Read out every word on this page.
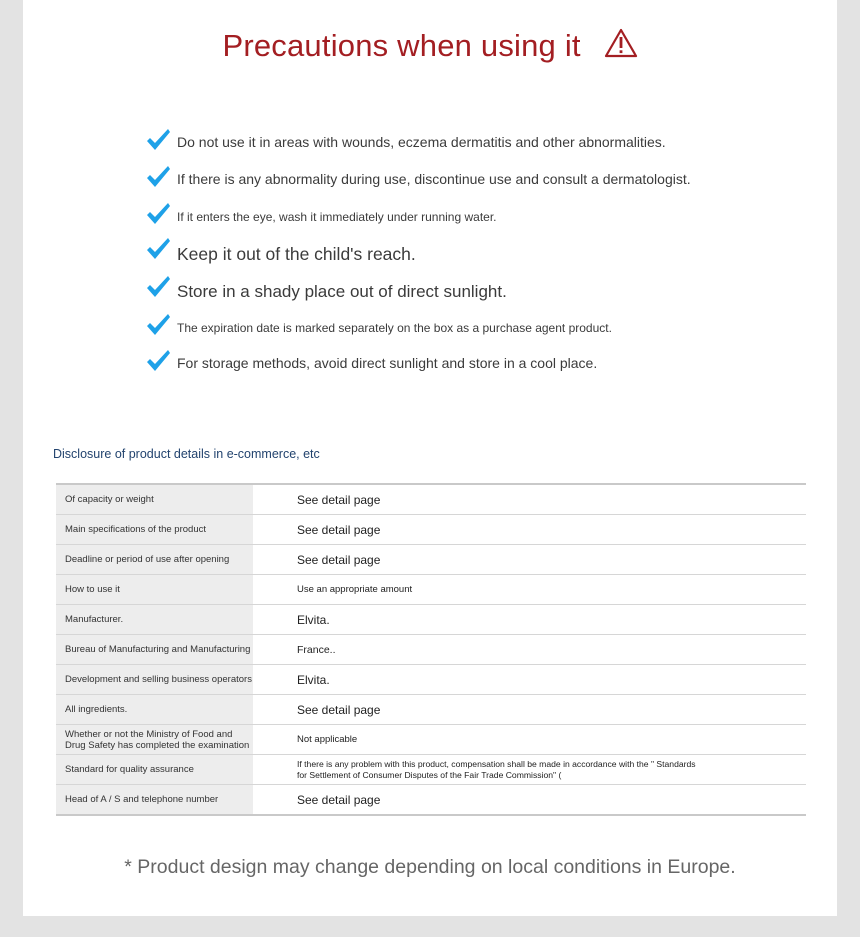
Precautions when using it
Do not use it in areas with wounds, eczema dermatitis and other abnormalities.
If there is any abnormality during use, discontinue use and consult a dermatologist.
If it enters the eye, wash it immediately under running water.
Keep it out of the child's reach.
Store in a shady place out of direct sunlight.
The expiration date is marked separately on the box as a purchase agent product.
For storage methods, avoid direct sunlight and store in a cool place.
Disclosure of product details in e-commerce, etc
Of capacity or weight	See detail page
Main specifications of the product	See detail page
Deadline or period of use after opening	See detail page
How to use it	Use an appropriate amount
Manufacturer.	Elvita.
Bureau of Manufacturing and Manufacturing	France..
Development and selling business operators	Elvita.
All ingredients.	See detail page
Whether or not the Ministry of Food and Drug Safety has completed the examination	Not applicable
Standard for quality assurance	If there is any problem with this product, compensation shall be made in accordance with the " Standards for Settlement of Consumer Disputes of the Fair Trade Commission" (
Head of A / S and telephone number	See detail page
* Product design may change depending on local conditions in Europe.
